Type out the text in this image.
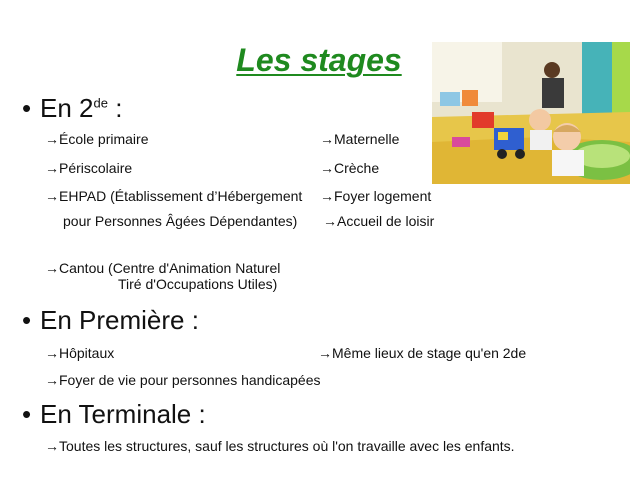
Les stages
• En 2de :
→École primaire	→Maternelle
→Périscolaire	→Crèche
→EHPAD (Établissement d’Hébergement →Foyer logement
pour Personnes Âgées Dépendantes) →Accueil de loisir
→Cantou (Centre d'Animation Naturel
Tiré d'Occupations Utiles)
• En Première :
→Hôpitaux	→Même lieux de stage qu'en 2de
→Foyer de vie pour personnes handicapées
• En Terminale :
→Toutes les structures, sauf les structures où l'on travaille avec les enfants.
